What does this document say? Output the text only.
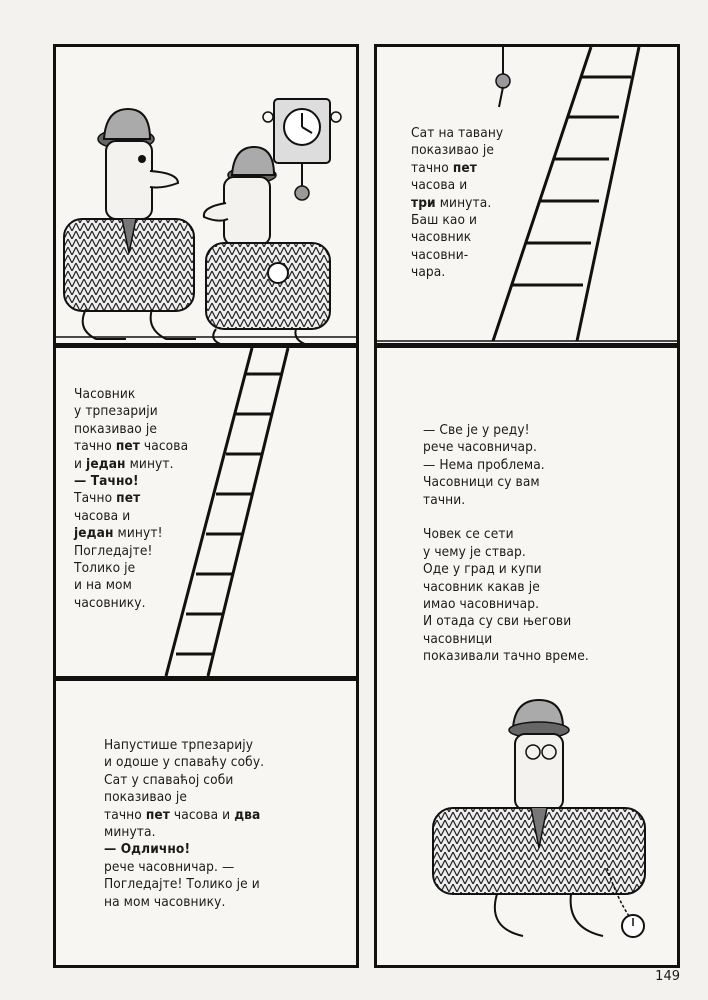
Часовник
у трпезарији
показивао је
тачно пет часова
и један минут.
— Тачно!
Тачно пет
часова и
један минут!
Погледајте!
Толико је
и на мом
часовнику.
Напустише трпезарију
и одоше у спаваћу собу.
Сат у спаваћој соби
показивао је
тачно пет часова и два
минута.
— Одлично!
рече часовничар. —
Погледајте! Толико је и
на мом часовнику.
Сат на тавану
показивао је
тачно пет
часова и
три минута.
Баш као и
часовник
часовни-
чара.
— Све је у реду!
рече часовничар.
— Нема проблема.
Часовници су вам
тачни.

Човек се сети
у чему је ствар.
Оде у град и купи
часовник какав је
имао часовничар.
И отада су сви његови
часовници
показивали тачно време.
149
